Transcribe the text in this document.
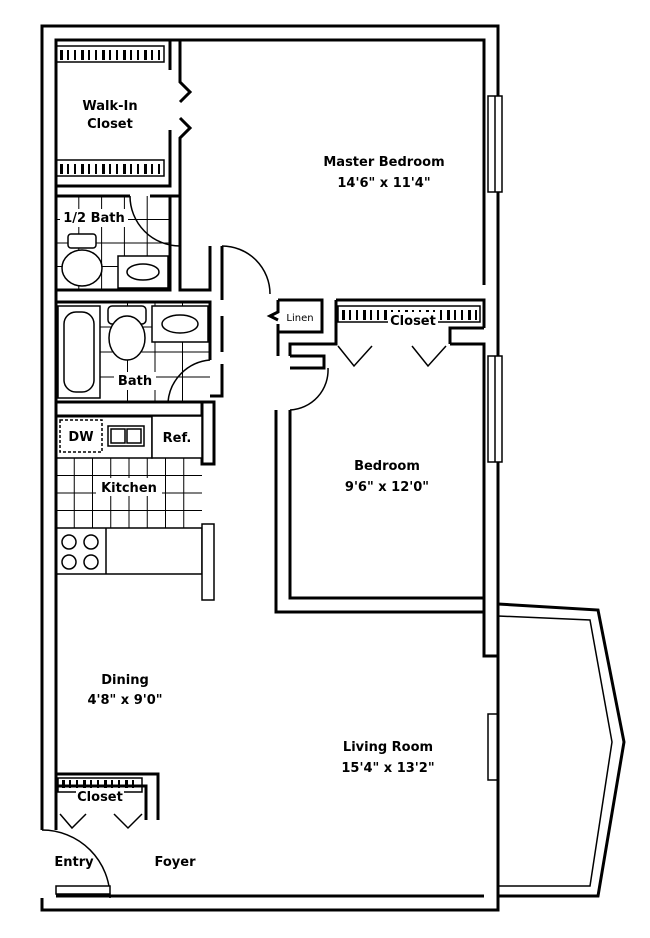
Walk-In
Closet
Master Bedroom
14'6" x 11'4"
1/2 Bath
Bath
Linen	Closet
Bedroom
9'6" x 12'0"
DW	Ref.
Kitchen
Dining
4'8" x 9'0"
Living Room
15'4" x 13'2"
Closet
Entry	Foyer
